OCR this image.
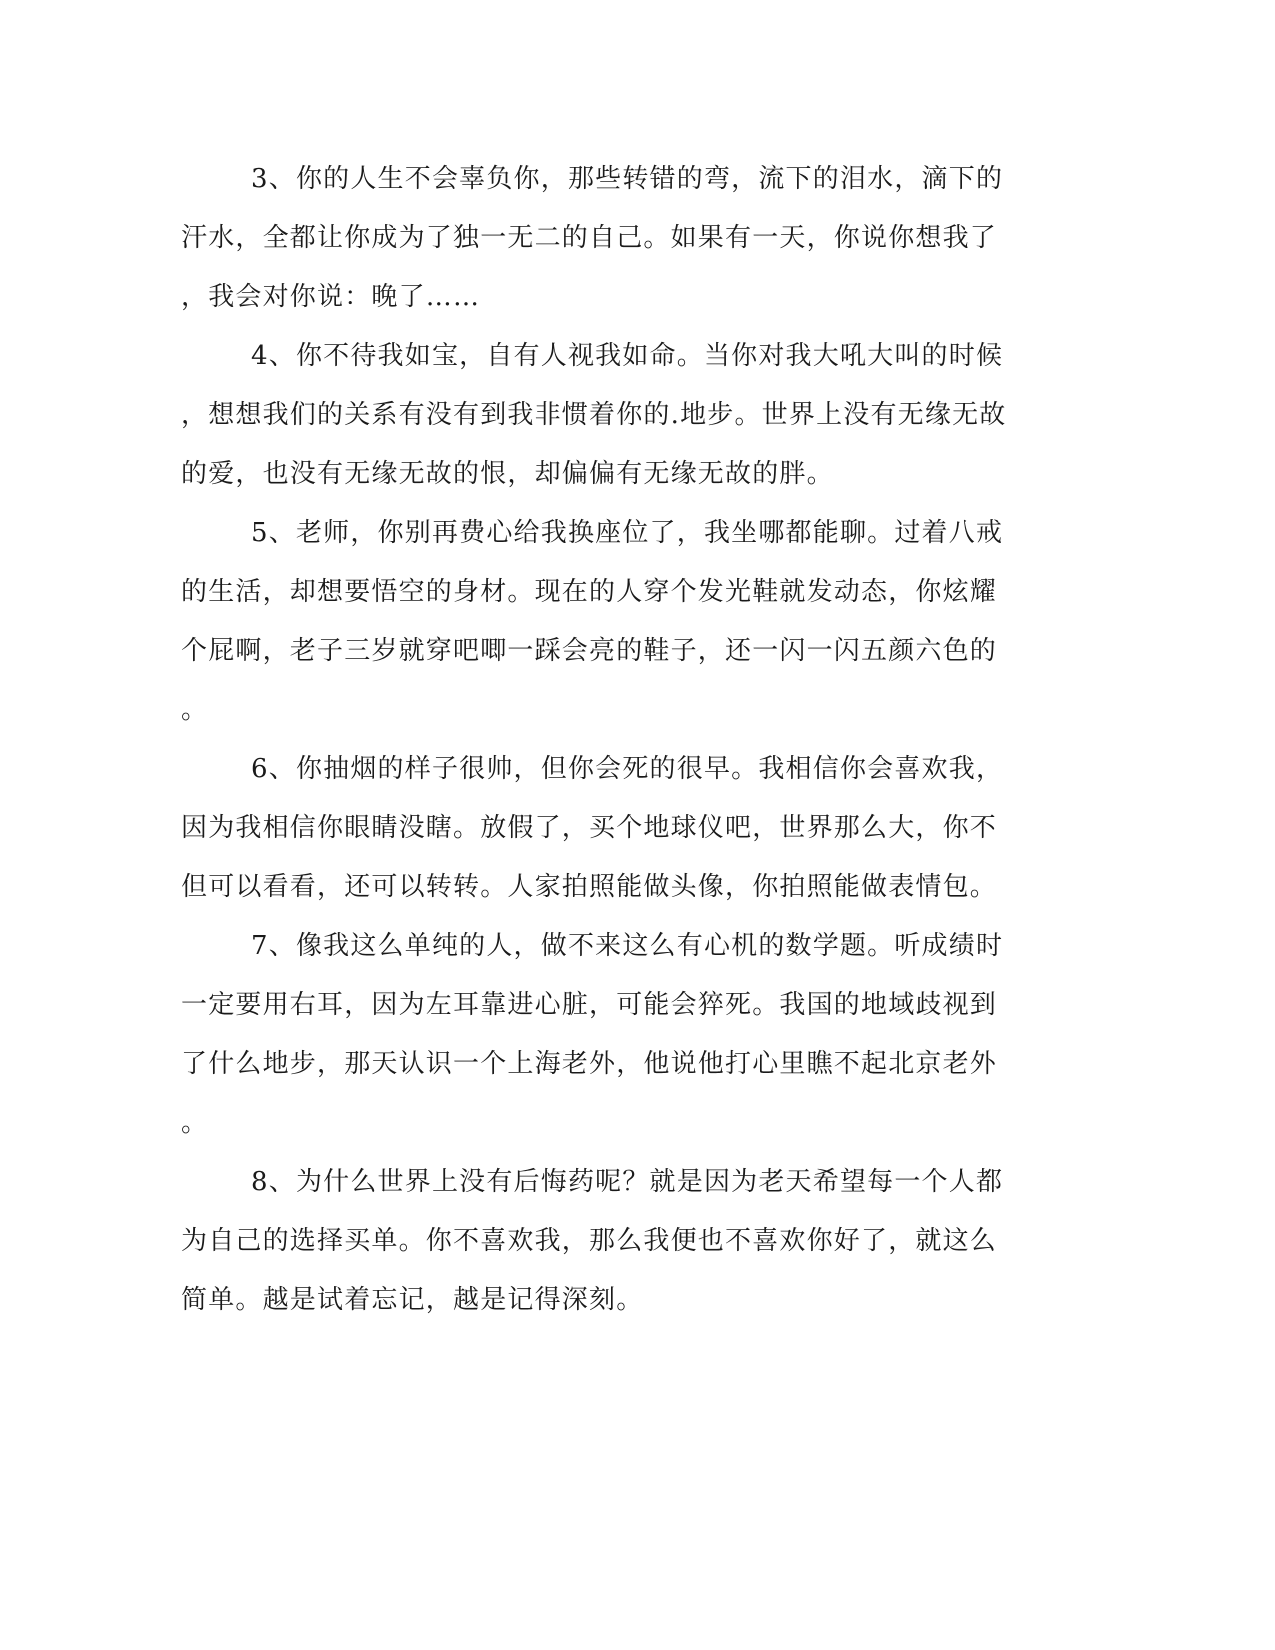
3、你的人生不会辜负你，那些转错的弯，流下的泪水，滴下的
汗水，全都让你成为了独一无二的自己。如果有一天，你说你想我了
，我会对你说：晚了……
4、你不待我如宝，自有人视我如命。当你对我大吼大叫的时候
，想想我们的关系有没有到我非惯着你的.地步。世界上没有无缘无故
的爱，也没有无缘无故的恨，却偏偏有无缘无故的胖。
5、老师，你别再费心给我换座位了，我坐哪都能聊。过着八戒
的生活，却想要悟空的身材。现在的人穿个发光鞋就发动态，你炫耀
个屁啊，老子三岁就穿吧唧一踩会亮的鞋子，还一闪一闪五颜六色的
。
6、你抽烟的样子很帅，但你会死的很早。我相信你会喜欢我，
因为我相信你眼睛没瞎。放假了，买个地球仪吧，世界那么大，你不
但可以看看，还可以转转。人家拍照能做头像，你拍照能做表情包。
7、像我这么单纯的人，做不来这么有心机的数学题。听成绩时
一定要用右耳，因为左耳靠进心脏，可能会猝死。我国的地域歧视到
了什么地步，那天认识一个上海老外，他说他打心里瞧不起北京老外
。
8、为什么世界上没有后悔药呢？就是因为老天希望每一个人都
为自己的选择买单。你不喜欢我，那么我便也不喜欢你好了，就这么
简单。越是试着忘记，越是记得深刻。
